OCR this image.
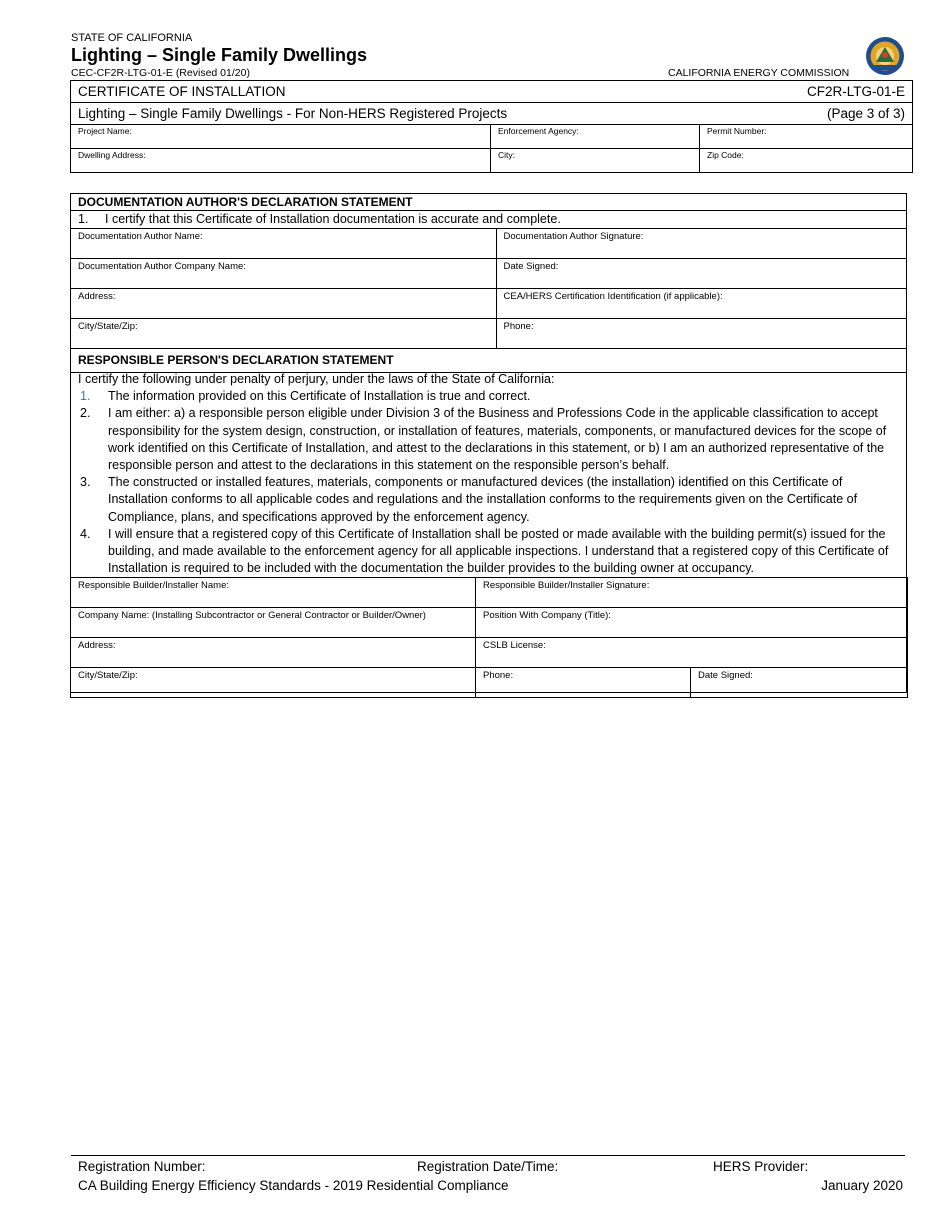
STATE OF CALIFORNIA
Lighting – Single Family Dwellings
CEC-CF2R-LTG-01-E (Revised 01/20)	CALIFORNIA ENERGY COMMISSION
CERTIFICATE OF INSTALLATION		CF2R-LTG-01-E
Lighting – Single Family Dwellings - For Non-HERS Registered Projects		(Page 3 of 3)
Project Name:	Enforcement Agency:	Permit Number:
Dwelling Address:	City:	Zip Code:
DOCUMENTATION AUTHOR'S DECLARATION STATEMENT	
1. I certify that this Certificate of Installation documentation is accurate and complete.	
Documentation Author Name:	Documentation Author Signature:
Documentation Author Company Name:	Date Signed:
Address:	CEA/HERS Certification Identification (if applicable):
City/State/Zip:	Phone:
RESPONSIBLE PERSON'S DECLARATION STATEMENT	

I certify the following under penalty of perjury, under the laws of the State of California:

1. The information provided on this Certificate of Installation is true and correct.
2. I am either: a) a responsible person eligible under Division 3 of the Business and Professions Code in the applicable classification to accept responsibility for the system design, construction, or installation of features, materials, components, or manufactured devices for the scope of work identified on this Certificate of Installation, and attest to the declarations in this statement, or b) I am an authorized representative of the responsible person and attest to the declarations in this statement on the responsible person’s behalf.
3. The constructed or installed features, materials, components or manufactured devices (the installation) identified on this Certificate of Installation conforms to all applicable codes and regulations and the installation conforms to the requirements given on the Certificate of Compliance, plans, and specifications approved by the enforcement agency.
4. I will ensure that a registered copy of this Certificate of Installation shall be posted or made available with the building permit(s) issued for the building, and made available to the enforcement agency for all applicable inspections. I understand that a registered copy of this Certificate of Installation is required to be included with the documentation the builder provides to the building owner at occupancy.
Responsible Builder/Installer Name:	Responsible Builder/Installer Signature:	
Company Name: (Installing Subcontractor or General Contractor or Builder/Owner)	Position With Company (Title):	
Address:	CSLB License:	
City/State/Zip:	Phone:	Date Signed:
Registration Number:	Registration Date/Time:	HERS Provider:
CA Building Energy Efficiency Standards - 2019 Residential Compliance	January 2020
